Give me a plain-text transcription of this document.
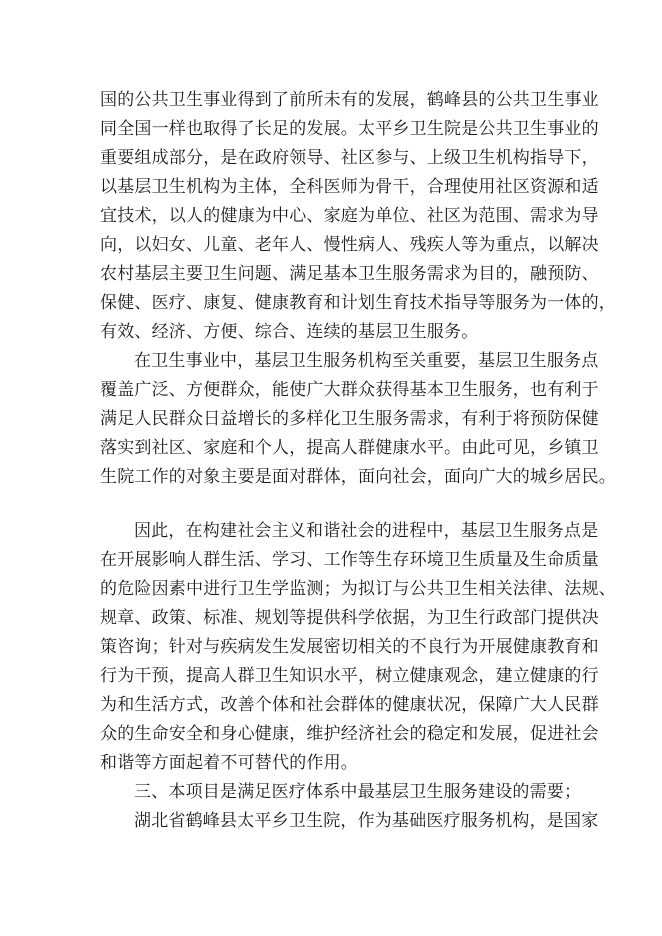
国的公共卫生事业得到了前所未有的发展，鹤峰县的公共卫生事业
同全国一样也取得了长足的发展。太平乡卫生院是公共卫生事业的
重要组成部分，是在政府领导、社区参与、上级卫生机构指导下，
以基层卫生机构为主体，全科医师为骨干，合理使用社区资源和适
宜技术，以人的健康为中心、家庭为单位、社区为范围、需求为导
向，以妇女、儿童、老年人、慢性病人、残疾人等为重点，以解决
农村基层主要卫生问题、满足基本卫生服务需求为目的，融预防、
保健、医疗、康复、健康教育和计划生育技术指导等服务为一体的，
有效、经济、方便、综合、连续的基层卫生服务。
在卫生事业中，基层卫生服务机构至关重要，基层卫生服务点
覆盖广泛、方便群众，能使广大群众获得基本卫生服务，也有利于
满足人民群众日益增长的多样化卫生服务需求，有利于将预防保健
落实到社区、家庭和个人，提高人群健康水平。由此可见，乡镇卫
生院工作的对象主要是面对群体，面向社会，面向广大的城乡居民。
因此，在构建社会主义和谐社会的进程中，基层卫生服务点是
在开展影响人群生活、学习、工作等生存环境卫生质量及生命质量
的危险因素中进行卫生学监测；为拟订与公共卫生相关法律、法规、
规章、政策、标准、规划等提供科学依据，为卫生行政部门提供决
策咨询；针对与疾病发生发展密切相关的不良行为开展健康教育和
行为干预，提高人群卫生知识水平，树立健康观念，建立健康的行
为和生活方式，改善个体和社会群体的健康状况，保障广大人民群
众的生命安全和身心健康，维护经济社会的稳定和发展，促进社会
和谐等方面起着不可替代的作用。
三、本项目是满足医疗体系中最基层卫生服务建设的需要；
湖北省鹤峰县太平乡卫生院，作为基础医疗服务机构，是国家
